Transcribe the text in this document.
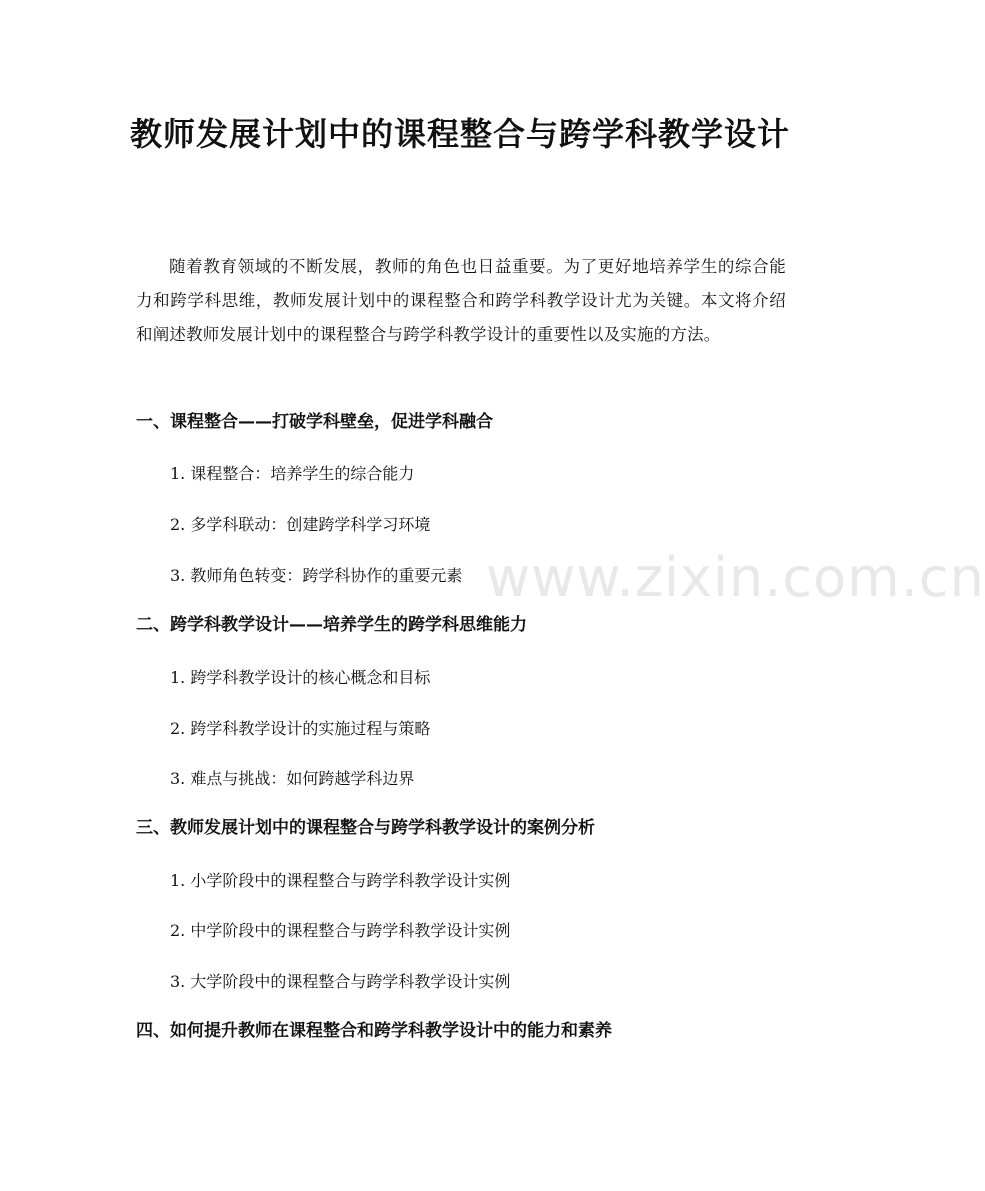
教师发展计划中的课程整合与跨学科教学设计

随着教育领域的不断发展，教师的角色也日益重要。为了更好地培养学生的综合能力和跨学科思维，教师发展计划中的课程整合和跨学科教学设计尤为关键。本文将介绍和阐述教师发展计划中的课程整合与跨学科教学设计的重要性以及实施的方法。

一、课程整合——打破学科壁垒，促进学科融合
1. 课程整合：培养学生的综合能力
2. 多学科联动：创建跨学科学习环境
3. 教师角色转变：跨学科协作的重要元素
二、跨学科教学设计——培养学生的跨学科思维能力
1. 跨学科教学设计的核心概念和目标
2. 跨学科教学设计的实施过程与策略
3. 难点与挑战：如何跨越学科边界
三、教师发展计划中的课程整合与跨学科教学设计的案例分析
1. 小学阶段中的课程整合与跨学科教学设计实例
2. 中学阶段中的课程整合与跨学科教学设计实例
3. 大学阶段中的课程整合与跨学科教学设计实例
四、如何提升教师在课程整合和跨学科教学设计中的能力和素养
www.zixin.com.cn
